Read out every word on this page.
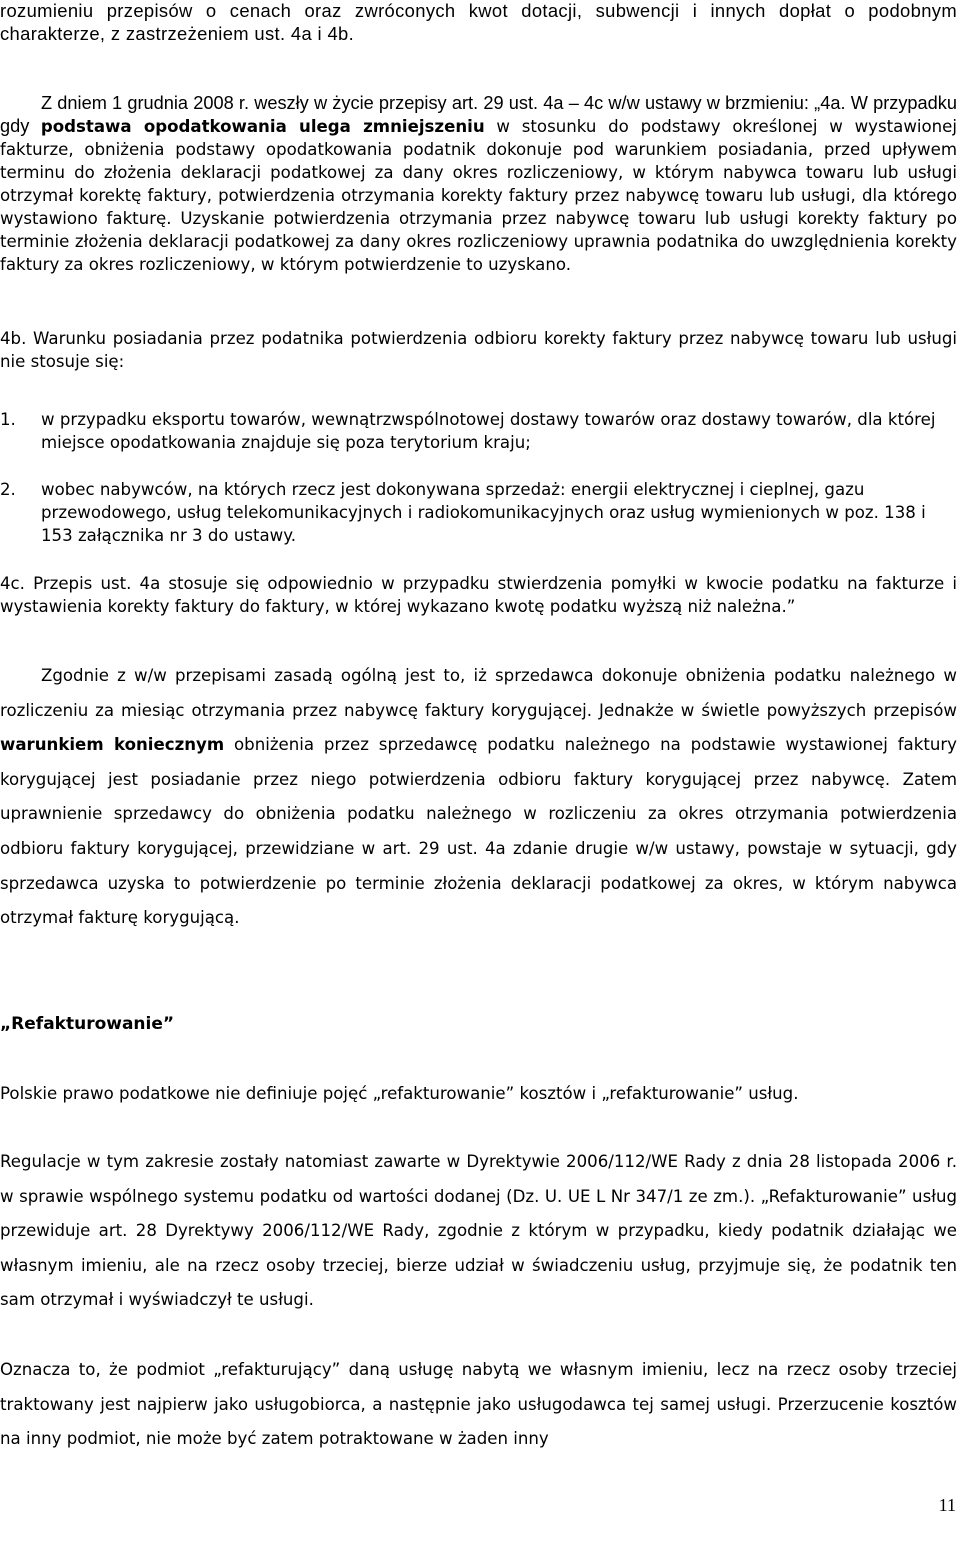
rozumieniu przepisów o cenach oraz zwróconych kwot dotacji, subwencji i innych dopłat o podobnym charakterze, z zastrzeżeniem ust. 4a i 4b.

Z dniem 1 grudnia 2008 r. weszły w życie przepisy art. 29 ust. 4a – 4c w/w ustawy w brzmieniu: „4a. W przypadku gdy podstawa opodatkowania ulega zmniejszeniu w stosunku do podstawy określonej w wystawionej fakturze, obniżenia podstawy opodatkowania podatnik dokonuje pod warunkiem posiadania, przed upływem terminu do złożenia deklaracji podatkowej za dany okres rozliczeniowy, w którym nabywca towaru lub usługi otrzymał korektę faktury, potwierdzenia otrzymania korekty faktury przez nabywcę towaru lub usługi, dla którego wystawiono fakturę. Uzyskanie potwierdzenia otrzymania przez nabywcę towaru lub usługi korekty faktury po terminie złożenia deklaracji podatkowej za dany okres rozliczeniowy uprawnia podatnika do uwzględnienia korekty faktury za okres rozliczeniowy, w którym potwierdzenie to uzyskano.

4b. Warunku posiadania przez podatnika potwierdzenia odbioru korekty faktury przez nabywcę towaru lub usługi nie stosuje się:

1.	w przypadku eksportu towarów, wewnątrzwspólnotowej dostawy towarów oraz dostawy towarów, dla której miejsce opodatkowania znajduje się poza terytorium kraju;

2.	wobec nabywców, na których rzecz jest dokonywana sprzedaż: energii elektrycznej i cieplnej, gazu przewodowego, usług telekomunikacyjnych i radiokomunikacyjnych oraz usług wymienionych w poz. 138 i 153 załącznika nr 3 do ustawy.

4c. Przepis ust. 4a stosuje się odpowiednio w przypadku stwierdzenia pomyłki w kwocie podatku na fakturze i wystawienia korekty faktury do faktury, w której wykazano kwotę podatku wyższą niż należna.”

Zgodnie z w/w przepisami zasadą ogólną jest to, iż sprzedawca dokonuje obniżenia podatku należnego w rozliczeniu za miesiąc otrzymania przez nabywcę faktury korygującej. Jednakże w świetle powyższych przepisów warunkiem koniecznym obniżenia przez sprzedawcę podatku należnego na podstawie wystawionej faktury korygującej jest posiadanie przez niego potwierdzenia odbioru faktury korygującej przez nabywcę. Zatem uprawnienie sprzedawcy do obniżenia podatku należnego w rozliczeniu za okres otrzymania potwierdzenia odbioru faktury korygującej, przewidziane w art. 29 ust. 4a zdanie drugie w/w ustawy, powstaje w sytuacji, gdy sprzedawca uzyska to potwierdzenie po terminie złożenia deklaracji podatkowej za okres, w którym nabywca otrzymał fakturę korygującą.

„Refakturowanie”

Polskie prawo podatkowe nie definiuje pojęć „refakturowanie” kosztów i „refakturowanie” usług.

Regulacje w tym zakresie zostały natomiast zawarte w Dyrektywie 2006/112/WE Rady z dnia 28 listopada 2006 r. w sprawie wspólnego systemu podatku od wartości dodanej (Dz. U. UE L Nr 347/1 ze zm.). „Refakturowanie” usług przewiduje art. 28 Dyrektywy 2006/112/WE Rady, zgodnie z którym w przypadku, kiedy podatnik działając we własnym imieniu, ale na rzecz osoby trzeciej, bierze udział w świadczeniu usług, przyjmuje się, że podatnik ten sam otrzymał i wyświadczył te usługi.

Oznacza to, że podmiot „refakturujący” daną usługę nabytą we własnym imieniu, lecz na rzecz osoby trzeciej traktowany jest najpierw jako usługobiorca, a następnie jako usługodawca tej samej usługi. Przerzucenie kosztów na inny podmiot, nie może być zatem potraktowane w żaden inny

11
